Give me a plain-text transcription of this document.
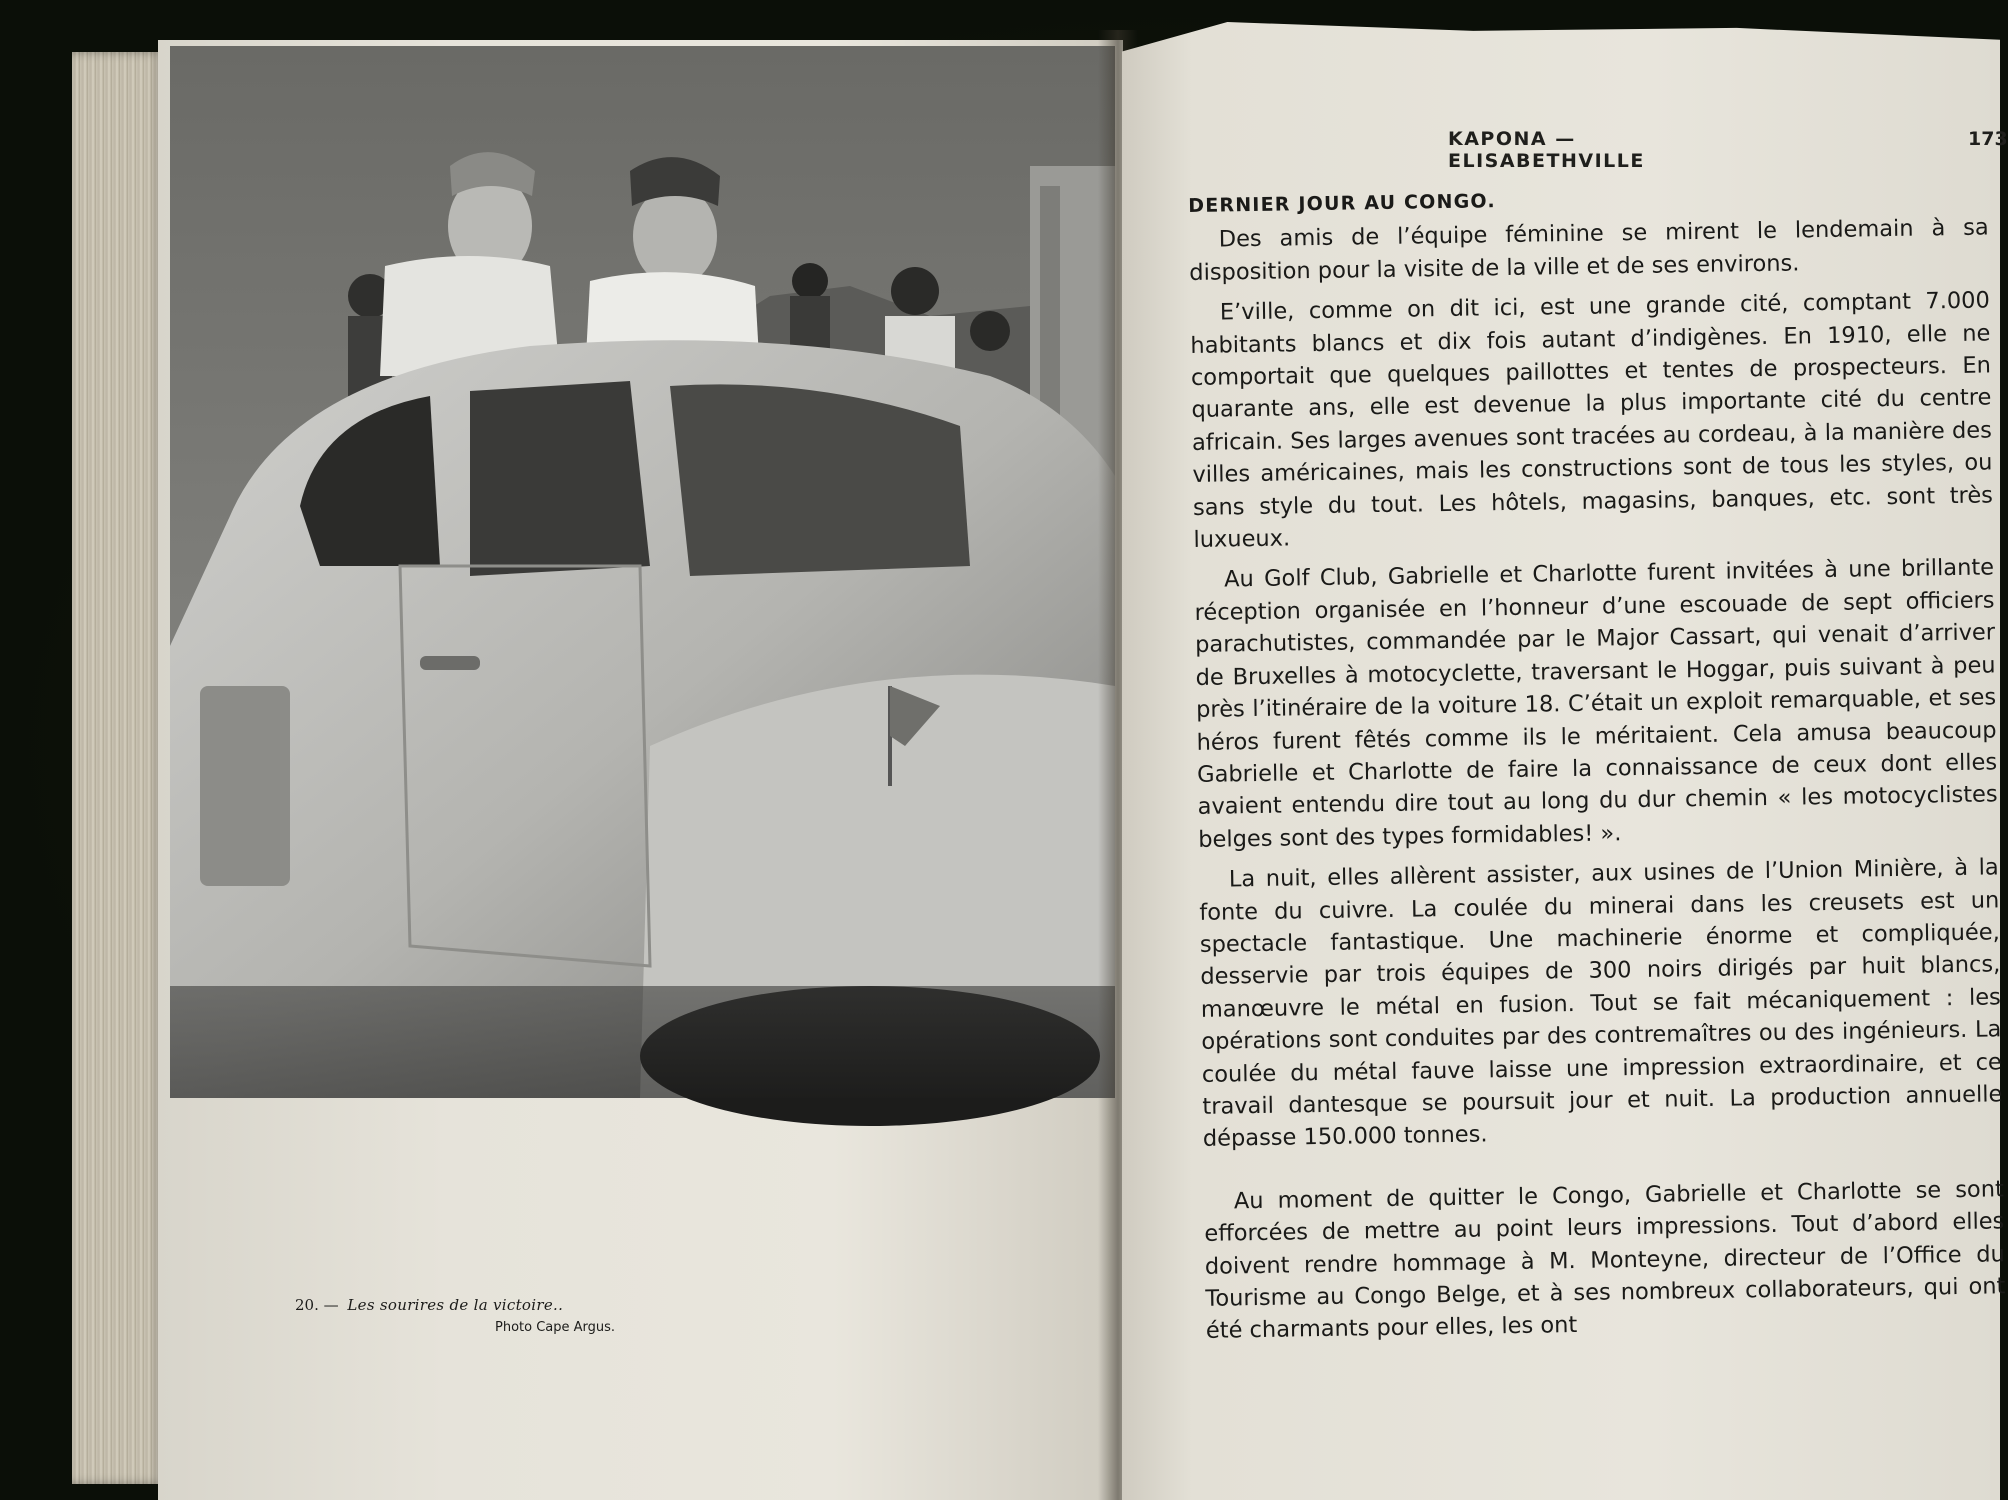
20. — Les sourires de la victoire..
Photo Cape Argus.
KAPONA — ELISABETHVILLE
173
DERNIER JOUR AU CONGO.

Des amis de l’équipe féminine se mirent le lendemain à sa disposition pour la visite de la ville et de ses environs.

E’ville, comme on dit ici, est une grande cité, comptant 7.000 habitants blancs et dix fois autant d’indigènes. En 1910, elle ne comportait que quelques paillottes et tentes de prospecteurs. En quarante ans, elle est devenue la plus importante cité du centre africain. Ses larges avenues sont tracées au cordeau, à la manière des villes américaines, mais les constructions sont de tous les styles, ou sans style du tout. Les hôtels, magasins, banques, etc. sont très luxueux.

Au Golf Club, Gabrielle et Charlotte furent invitées à une brillante réception organisée en l’honneur d’une escouade de sept officiers parachutistes, commandée par le Major Cassart, qui venait d’arriver de Bruxelles à motocyclette, traversant le Hoggar, puis suivant à peu près l’itinéraire de la voiture 18. C’était un exploit remarquable, et ses héros furent fêtés comme ils le méritaient. Cela amusa beaucoup Gabrielle et Charlotte de faire la connaissance de ceux dont elles avaient entendu dire tout au long du dur chemin « les motocyclistes belges sont des types formidables! ».

La nuit, elles allèrent assister, aux usines de l’Union Minière, à la fonte du cuivre. La coulée du minerai dans les creusets est un spectacle fantastique. Une machinerie énorme et compliquée, desservie par trois équipes de 300 noirs dirigés par huit blancs, manœuvre le métal en fusion. Tout se fait mécaniquement : les opérations sont conduites par des contremaîtres ou des ingénieurs. La coulée du métal fauve laisse une impression extraordinaire, et ce travail dantesque se poursuit jour et nuit. La production annuelle dépasse 150.000 tonnes.

Au moment de quitter le Congo, Gabrielle et Charlotte se sont efforcées de mettre au point leurs impressions. Tout d’abord elles doivent rendre hommage à M. Monteyne, directeur de l’Office du Tourisme au Congo Belge, et à ses nombreux collaborateurs, qui ont été charmants pour elles, les ont
